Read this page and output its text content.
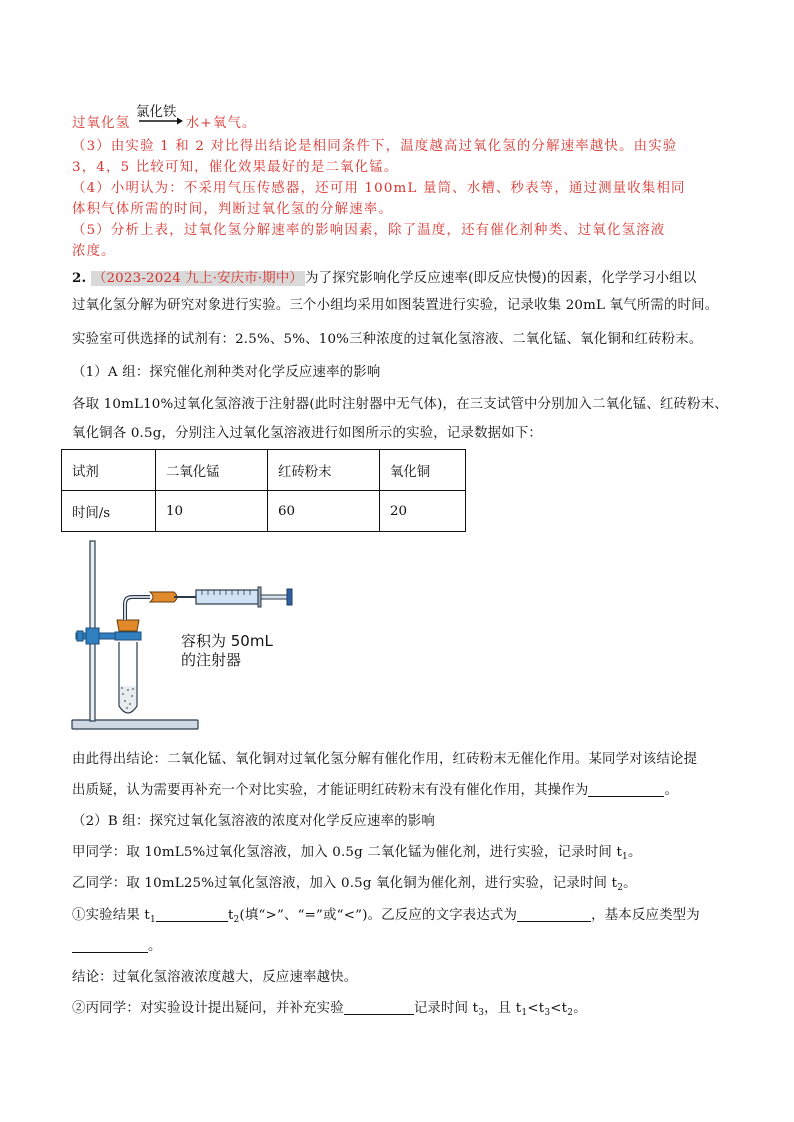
氯化铁
过氧化氢 → 水+氧气。
（3）由实验 1 和 2 对比得出结论是相同条件下，温度越高过氧化氢的分解速率越快。由实验
3，4，5 比较可知，催化效果最好的是二氧化锰。
（4）小明认为：不采用气压传感器，还可用 100mL 量筒、水槽、秒表等，通过测量收集相同
体积气体所需的时间，判断过氧化氢的分解速率。
（5）分析上表，过氧化氢分解速率的影响因素，除了温度，还有催化剂种类、过氧化氢溶液
浓度。
2. （2023-2024 九上·安庆市·期中） 为了探究影响化学反应速率(即反应快慢)的因素，化学学习小组以
过氧化氢分解为研究对象进行实验。三个小组均采用如图装置进行实验，记录收集 20mL 氧气所需的时间。
实验室可供选择的试剂有：2.5%、5%、10%三种浓度的过氧化氢溶液、二氧化锰、氧化铜和红砖粉末。
（1）A 组：探究催化剂种类对化学反应速率的影响
各取 10mL10%过氧化氢溶液于注射器(此时注射器中无气体)，在三支试管中分别加入二氧化锰、红砖粉末、
氧化铜各 0.5g，分别注入过氧化氢溶液进行如图所示的实验，记录数据如下：
试剂	二氧化锰	红砖粉末	氧化铜
时间/s	10	60	20
容积为 50mL
的注射器
由此得出结论：二氧化锰、氧化铜对过氧化氢分解有催化作用，红砖粉末无催化作用。某同学对该结论提
出质疑，认为需要再补充一个对比实验，才能证明红砖粉末有没有催化作用，其操作为	。
（2）B 组：探究过氧化氢溶液的浓度对化学反应速率的影响
甲同学：取 10mL5%过氧化氢溶液，加入 0.5g 二氧化锰为催化剂，进行实验，记录时间 $t_1$。
乙同学：取 10mL25%过氧化氢溶液，加入 0.5g 氧化铜为催化剂，进行实验，记录时间 $t_2$。
①实验结果 $t_1$	$t_2$(填“>”、“=”或“<”)。乙反应的文字表达式为	，基本反应类型为
。
结论：过氧化氢溶液浓度越大，反应速率越快。
②丙同学：对实验设计提出疑问，并补充实验	记录时间 $t_3$，且 $t_1<t_3<t_2$。
